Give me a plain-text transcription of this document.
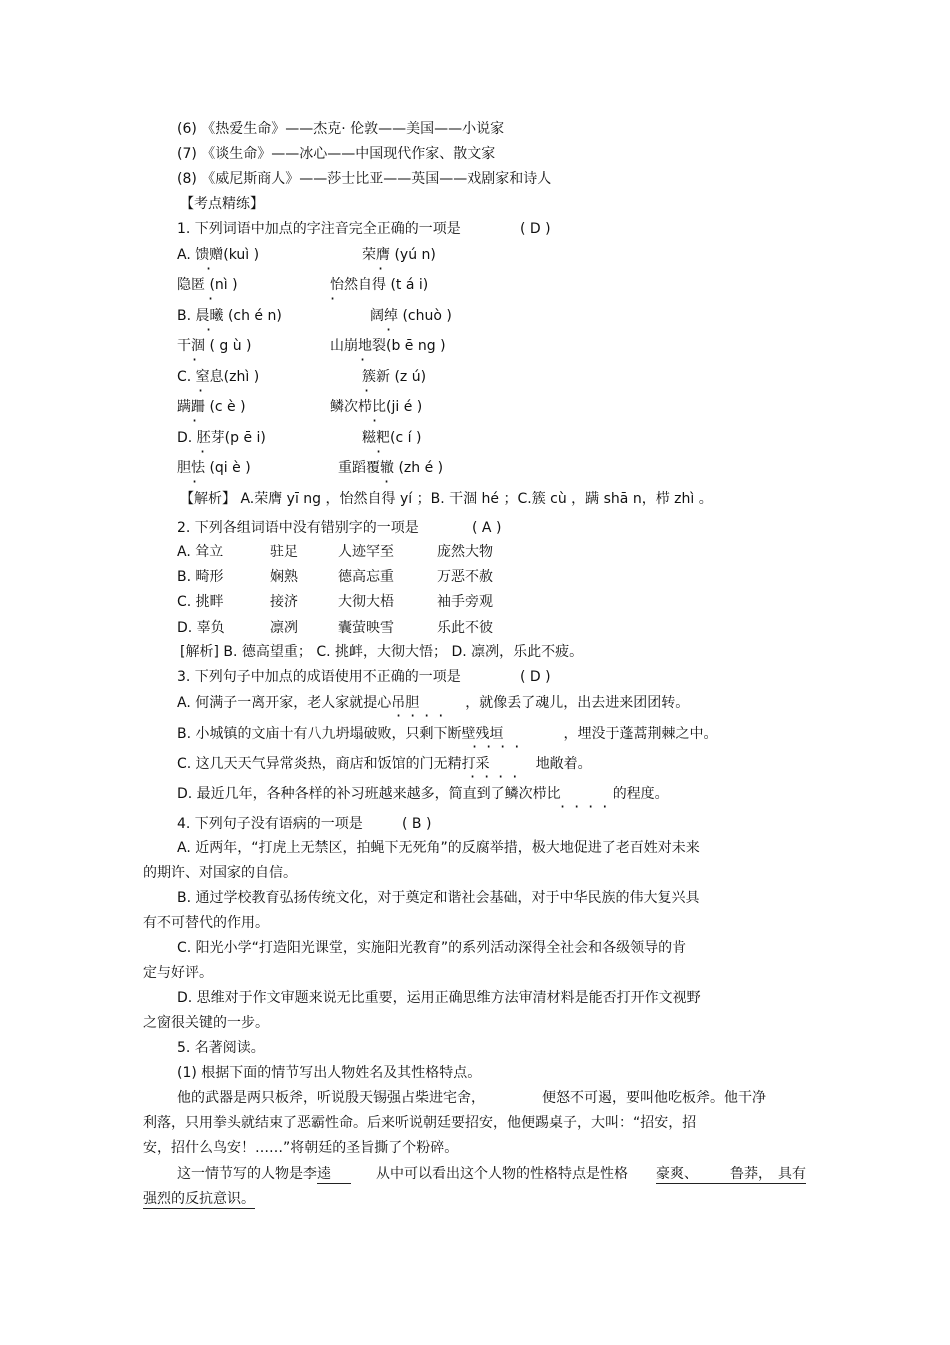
(6) 《热爱生命》——杰克· 伦敦——美国——小说家
(7) 《谈生命》——冰心——中国现代作家、散文家
(8) 《威尼斯商人》——莎士比亚——英国——戏剧家和诗人
【考点精练】
1. 下列词语中加点的字注音完全正确的一项是	( D )
A. 馈赠(kuì )	荣膺 (yú n)
隐匿 (nì )	怡然自得 (t á i)
B. 晨曦 (ch é n)	阔绰 (chuò )
干涸 ( g ù )	山崩地裂(b ē ng )
C. 窒息(zhì )	簇新 (z ú)
蹒跚 (c è )	鳞次栉比(ji é )
D. 胚芽(p ē i)	糍粑(c í )
胆怯 (qi è )	重蹈覆辙 (zh é )
·	·
·	·
·	·
·	·
·	·
·	·
·	·
·	·
【解析】 A.荣膺 yī ng ，怡然自得 yí ；B. 干涸 hé ；C.簇 cù ，蹒 shā n，栉 zhì 。
2. 下列各组词语中没有错别字的一项是	( A )
A. 耸立	驻足	人迹罕至	庞然大物
B. 畸形	娴熟	德高忘重	万恶不赦
C. 挑畔	接济	大彻大梧	袖手旁观
D. 辜负	凛冽	囊萤映雪	乐此不彼
[解析] B. 德高望重； C. 挑衅，大彻大悟； D. 凛冽，乐此不疲。
3. 下列句子中加点的成语使用不正确的一项是	( D )
A. 何满子一离开家，老人家就提心吊胆	，就像丢了魂儿，出去进来团团转。
····
B. 小城镇的文庙十有八九坍塌破败，只剩下断壁残垣	，埋没于蓬蒿荆棘之中。
····
C. 这几天天气异常炎热，商店和饭馆的门无精打采	地敞着。
····
D. 最近几年，各种各样的补习班越来越多，简直到了鳞次栉比	的程度。
····
4. 下列句子没有语病的一项是	( B )
A. 近两年，“打虎上无禁区，拍蝇下无死角”的反腐举措，极大地促进了老百姓对未来
的期许、对国家的自信。
B. 通过学校教育弘扬传统文化，对于奠定和谐社会基础，对于中华民族的伟大复兴具
有不可替代的作用。
C. 阳光小学“打造阳光课堂，实施阳光教育”的系列活动深得全社会和各级领导的肯
定与好评。
D. 思维对于作文审题来说无比重要，运用正确思维方法审清材料是能否打开作文视野
之窗很关键的一步。
5. 名著阅读。
(1) 根据下面的情节写出人物姓名及其性格特点。
他的武器是两只板斧，听说殷天锡强占柴进宅舍，	便怒不可遏，要叫他吃板斧。他干净
利落，只用拳头就结束了恶霸性命。后来听说朝廷要招安，他便踢桌子，大叫：“招安，招
安，招什么鸟安！……”将朝廷的圣旨撕了个粉碎。
这一情节写的人物是李逵	从中可以看出这个人物的性格特点是性格 豪爽、	鲁莽， 具有
强烈的反抗意识。
